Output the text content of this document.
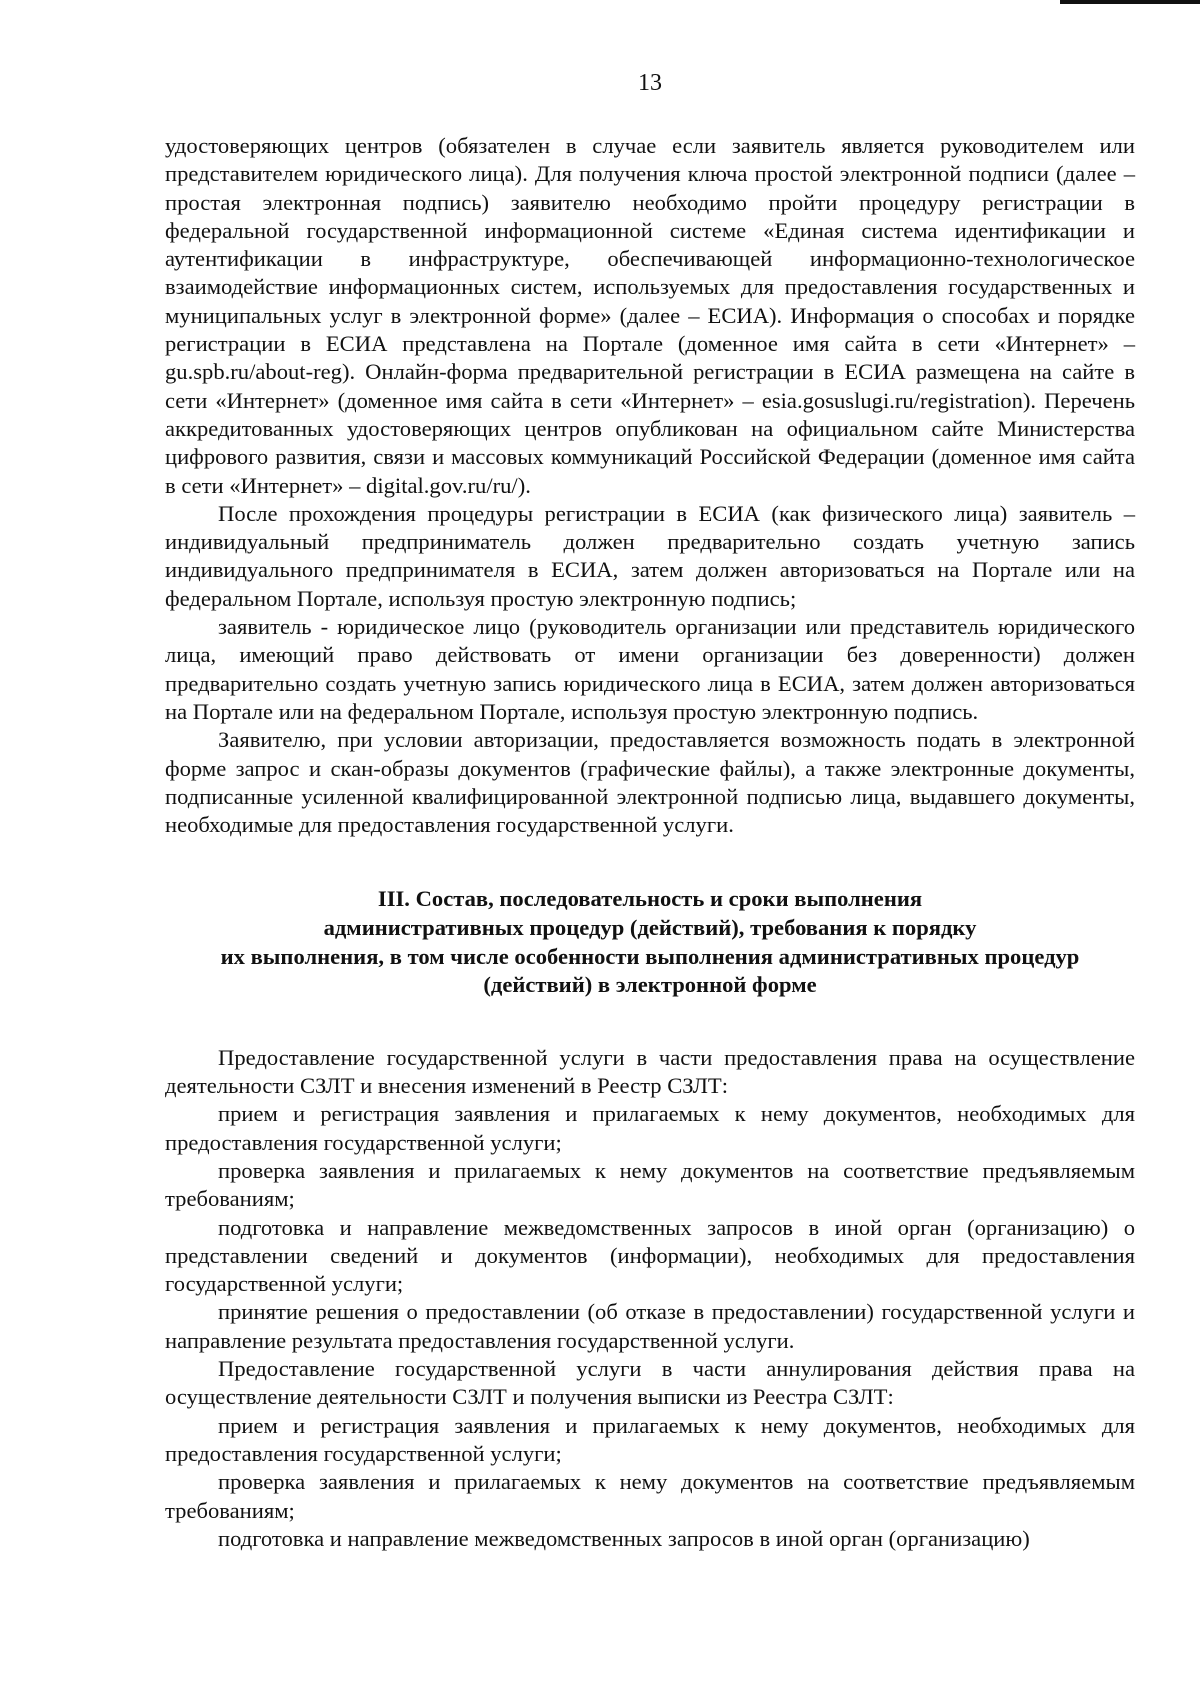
13

удостоверяющих центров (обязателен в случае если заявитель является руководителем или представителем юридического лица). Для получения ключа простой электронной подписи (далее – простая электронная подпись) заявителю необходимо пройти процедуру регистрации в федеральной государственной информационной системе «Единая система идентификации и аутентификации в инфраструктуре, обеспечивающей информационно-технологическое взаимодействие информационных систем, используемых для предоставления государственных и муниципальных услуг в электронной форме» (далее – ЕСИА). Информация о способах и порядке регистрации в ЕСИА представлена на Портале (доменное имя сайта в сети «Интернет» – gu.spb.ru/about-reg). Онлайн-форма предварительной регистрации в ЕСИА размещена на сайте в сети «Интернет» (доменное имя сайта в сети «Интернет» – esia.gosuslugi.ru/registration). Перечень аккредитованных удостоверяющих центров опубликован на официальном сайте Министерства цифрового развития, связи и массовых коммуникаций Российской Федерации (доменное имя сайта в сети «Интернет» – digital.gov.ru/ru/).

После прохождения процедуры регистрации в ЕСИА (как физического лица) заявитель – индивидуальный предприниматель должен предварительно создать учетную запись индивидуального предпринимателя в ЕСИА, затем должен авторизоваться на Портале или на федеральном Портале, используя простую электронную подпись;

заявитель - юридическое лицо (руководитель организации или представитель юридического лица, имеющий право действовать от имени организации без доверенности) должен предварительно создать учетную запись юридического лица в ЕСИА, затем должен авторизоваться на Портале или на федеральном Портале, используя простую электронную подпись.

Заявителю, при условии авторизации, предоставляется возможность подать в электронной форме запрос и скан-образы документов (графические файлы), а также электронные документы, подписанные усиленной квалифицированной электронной подписью лица, выдавшего документы, необходимые для предоставления государственной услуги.

III. Состав, последовательность и сроки выполнения
административных процедур (действий), требования к порядку
их выполнения, в том числе особенности выполнения административных процедур
(действий) в электронной форме

Предоставление государственной услуги в части предоставления права на осуществление деятельности СЗЛТ и внесения изменений в Реестр СЗЛТ:

прием и регистрация заявления и прилагаемых к нему документов, необходимых для предоставления государственной услуги;

проверка заявления и прилагаемых к нему документов на соответствие предъявляемым требованиям;

подготовка и направление межведомственных запросов в иной орган (организацию) о представлении сведений и документов (информации), необходимых для предоставления государственной услуги;

принятие решения о предоставлении (об отказе в предоставлении) государственной услуги и направление результата предоставления государственной услуги.

Предоставление государственной услуги в части аннулирования действия права на осуществление деятельности СЗЛТ и получения выписки из Реестра СЗЛТ:

прием и регистрация заявления и прилагаемых к нему документов, необходимых для предоставления государственной услуги;

проверка заявления и прилагаемых к нему документов на соответствие предъявляемым требованиям;

подготовка и направление межведомственных запросов в иной орган (организацию)
